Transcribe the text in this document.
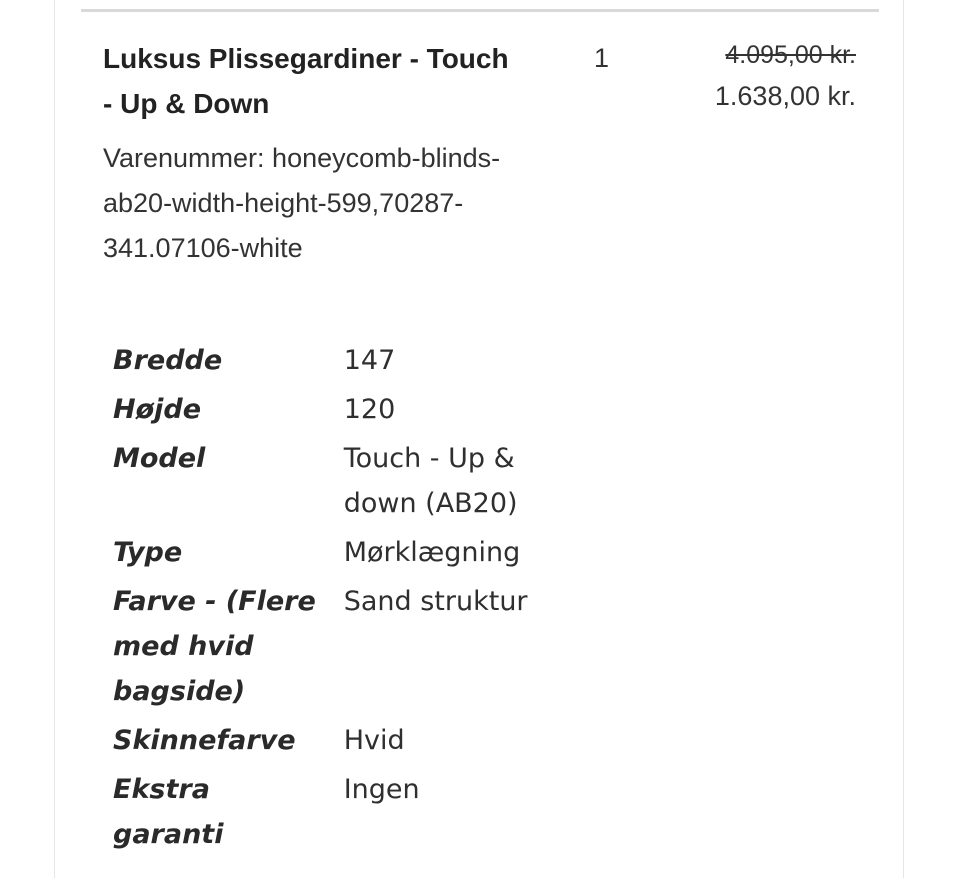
Luksus Plissegardiner - Touch - Up & Down
Varenummer: honeycomb-blinds-ab20-width-height-599,70287-341.07106-white
1	4.095,00 kr.
1.638,00 kr.
Bredde	147
Højde	120
Model	Touch - Up & down (AB20)
Type	Mørklægning
Farve - (Flere med hvid bagside)	Sand struktur
Skinnefarve	Hvid
Ekstra garanti	Ingen
